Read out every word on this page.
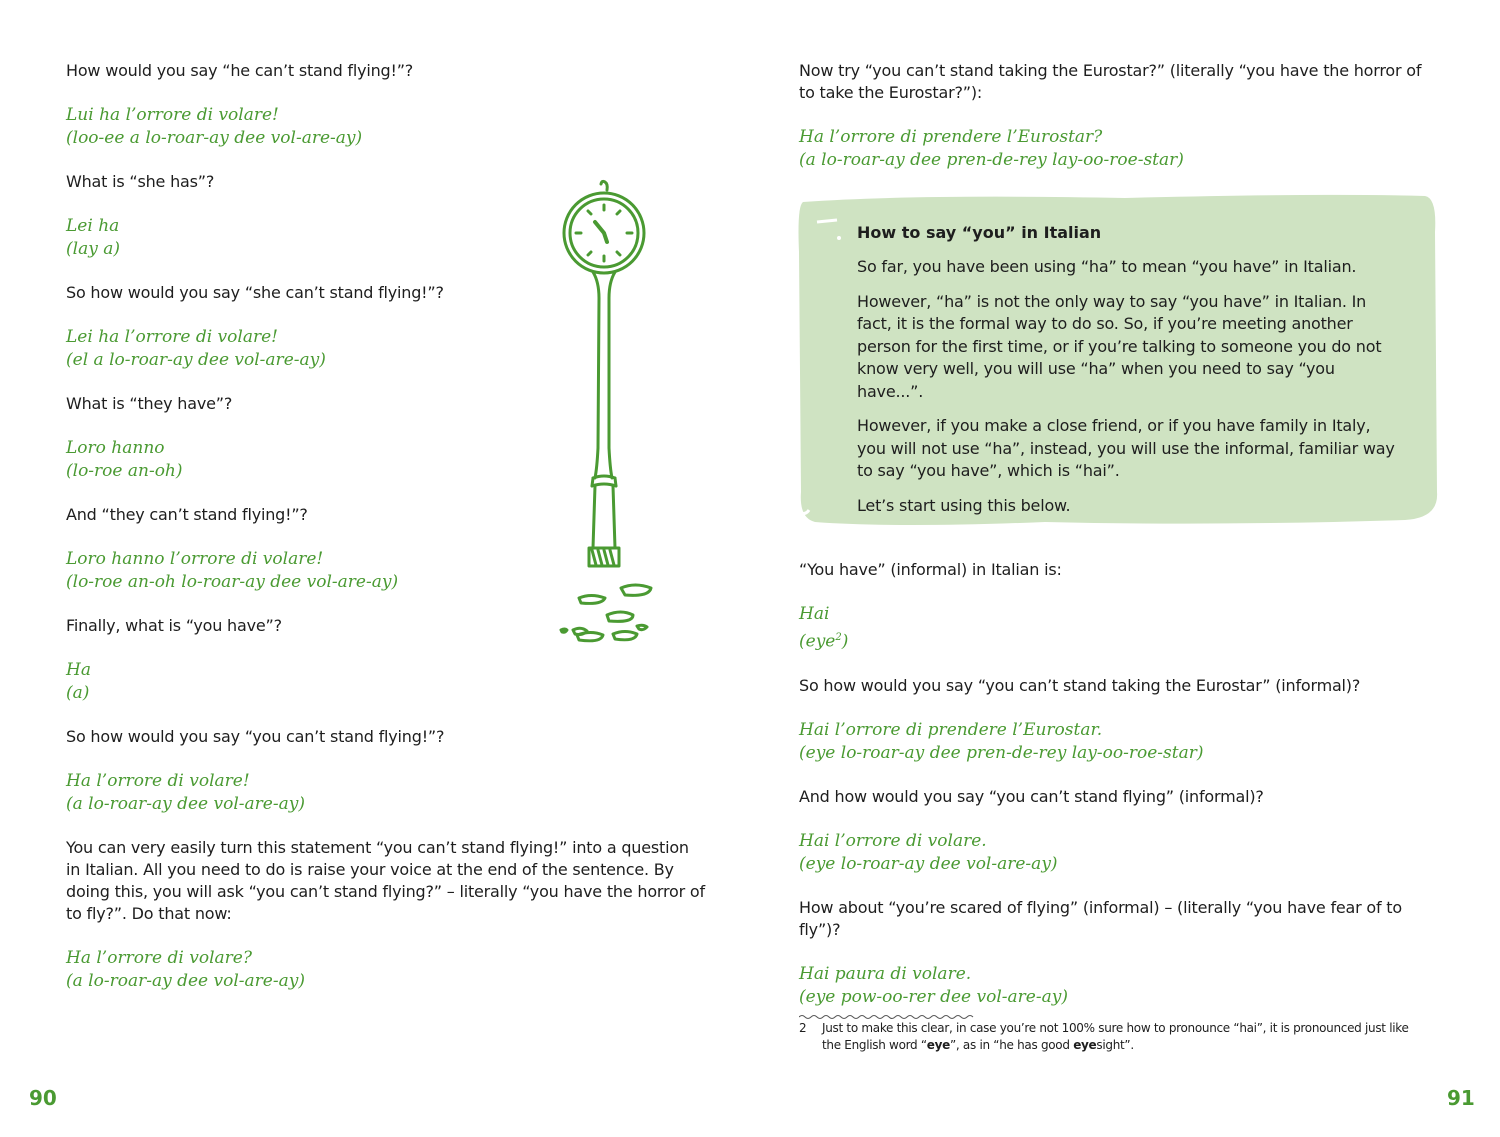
How would you say “he can’t stand flying!”?

Lui ha l’orrore di volare!
(loo-ee a lo-roar-ay dee vol-are-ay)

What is “she has”?

Lei ha
(lay a)

So how would you say “she can’t stand flying!”?

Lei ha l’orrore di volare!
(el a lo-roar-ay dee vol-are-ay)

What is “they have”?

Loro hanno
(lo-roe an-oh)

And “they can’t stand flying!”?

Loro hanno l’orrore di volare!
(lo-roe an-oh lo-roar-ay dee vol-are-ay)

Finally, what is “you have”?

Ha
(a)

So how would you say “you can’t stand flying!”?

Ha l’orrore di volare!
(a lo-roar-ay dee vol-are-ay)

You can very easily turn this statement “you can’t stand flying!” into a question in Italian. All you need to do is raise your voice at the end of the sentence. By doing this, you will ask “you can’t stand flying?” – literally “you have the horror of to fly?”. Do that now:

Ha l’orrore di volare?
(a lo-roar-ay dee vol-are-ay)
90

Now try “you can’t stand taking the Eurostar?” (literally “you have the horror of to take the Eurostar?”):

Ha l’orrore di prendere l’Eurostar?
(a lo-roar-ay dee pren-de-rey lay-oo-roe-star)
How to say “you” in Italian

So far, you have been using “ha” to mean “you have” in Italian.

However, “ha” is not the only way to say “you have” in Italian. In fact, it is the formal way to do so. So, if you’re meeting another person for the first time, or if you’re talking to someone you do not know very well, you will use “ha” when you need to say “you have...”.

However, if you make a close friend, or if you have family in Italy, you will not use “ha”, instead, you will use the informal, familiar way to say “you have”, which is “hai”.

Let’s start using this below.

“You have” (informal) in Italian is:

Hai
(eye$^2$)

So how would you say “you can’t stand taking the Eurostar” (informal)?

Hai l’orrore di prendere l’Eurostar.
(eye lo-roar-ay dee pren-de-rey lay-oo-roe-star)

And how would you say “you can’t stand flying” (informal)?

Hai l’orrore di volare.
(eye lo-roar-ay dee vol-are-ay)

How about “you’re scared of flying” (informal) – (literally “you have fear of to fly”)?

Hai paura di volare.
(eye pow-oo-rer dee vol-are-ay)
2 Just to make this clear, in case you’re not 100% sure how to pronounce “hai”, it is pronounced just like the English word “eye”, as in “he has good eyesight”.
91
